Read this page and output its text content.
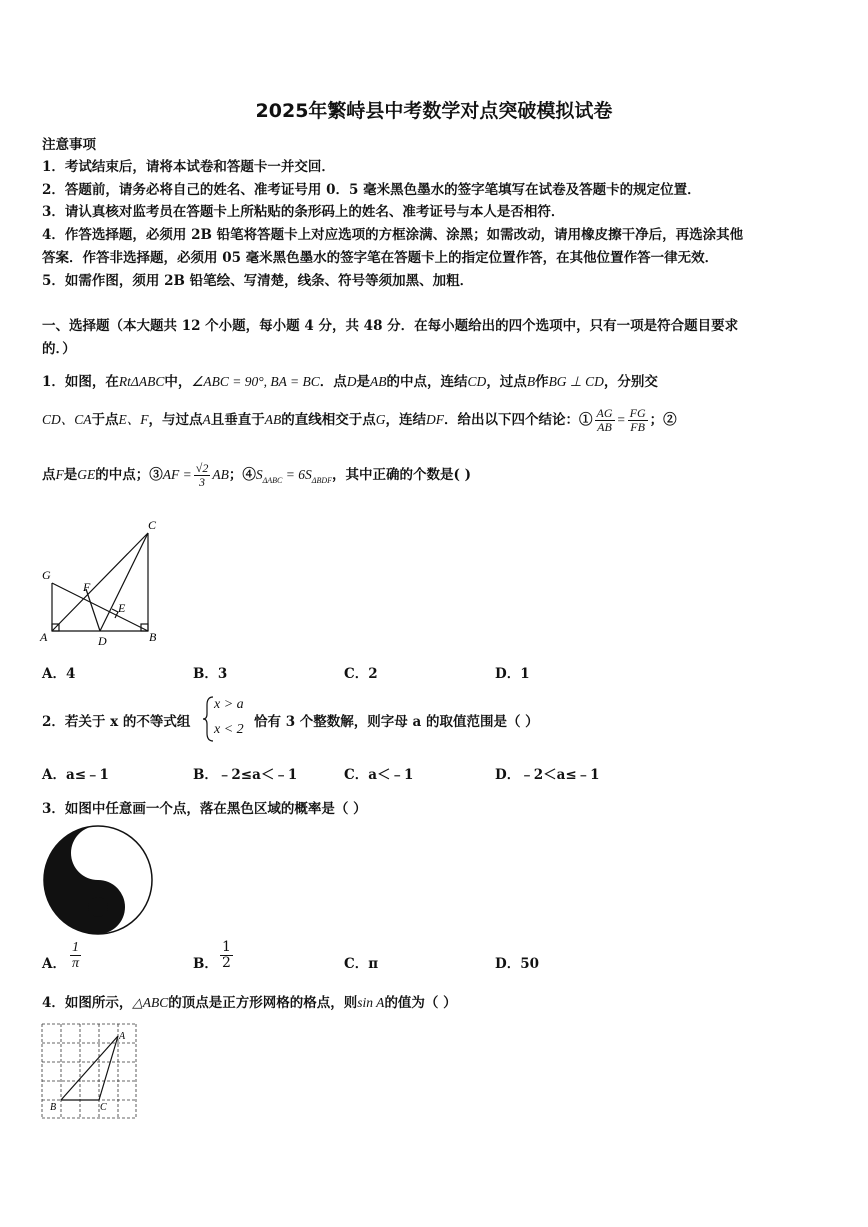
2025年繁峙县中考数学对点突破模拟试卷
注意事项
1．考试结束后，请将本试卷和答题卡一并交回．
2．答题前，请务必将自己的姓名、准考证号用 0．5 毫米黑色墨水的签字笔填写在试卷及答题卡的规定位置．
3．请认真核对监考员在答题卡上所粘贴的条形码上的姓名、准考证号与本人是否相符．
4．作答选择题，必须用 2B 铅笔将答题卡上对应选项的方框涂满、涂黑；如需改动，请用橡皮擦干净后，再选涂其他
答案．作答非选择题，必须用 05 毫米黑色墨水的签字笔在答题卡上的指定位置作答，在其他位置作答一律无效．
5．如需作图，须用 2B 铅笔绘、写清楚，线条、符号等须加黑、加粗．
一、选择题（本大题共 12 个小题，每小题 4 分，共 48 分．在每小题给出的四个选项中，只有一项是符合题目要求
的．）
1．如图，在RtΔABC中，∠ABC = 90°, BA = BC．点D是AB的中点，连结CD，过点B作BG ⊥ CD，分别交
CD、CA于点E、F，与过点A且垂直于AB的直线相交于点G，连结DF．给出以下四个结论：① $\frac{AG}{AB} = \frac{FG}{FB}$ ；②
点F是GE的中点；③AF = $\frac{√2}{3}$ AB；$④S_{\Delta ABC} = 6S_{\Delta BDF}$，其中正确的个数是( )
C
G
F
E
A	D	B
A．4	B．3	C．2	D．1
2．若关于 x 的不等式组
x > a
x < 2 恰有 3 个整数解，则字母 a 的取值范围是（ ）
A．a≤﹣1	B．﹣2≤a＜﹣1	C．a＜﹣1	D．﹣2＜a≤﹣1
3．如图中任意画一个点，落在黑色区域的概率是（ ）
A． $\frac{1}{\pi}$	B． $\frac{1}{2}$	C．π	D．50
4．如图所示，△ABC的顶点是正方形网格的格点，则sin A的值为（ ）
A
B	C
